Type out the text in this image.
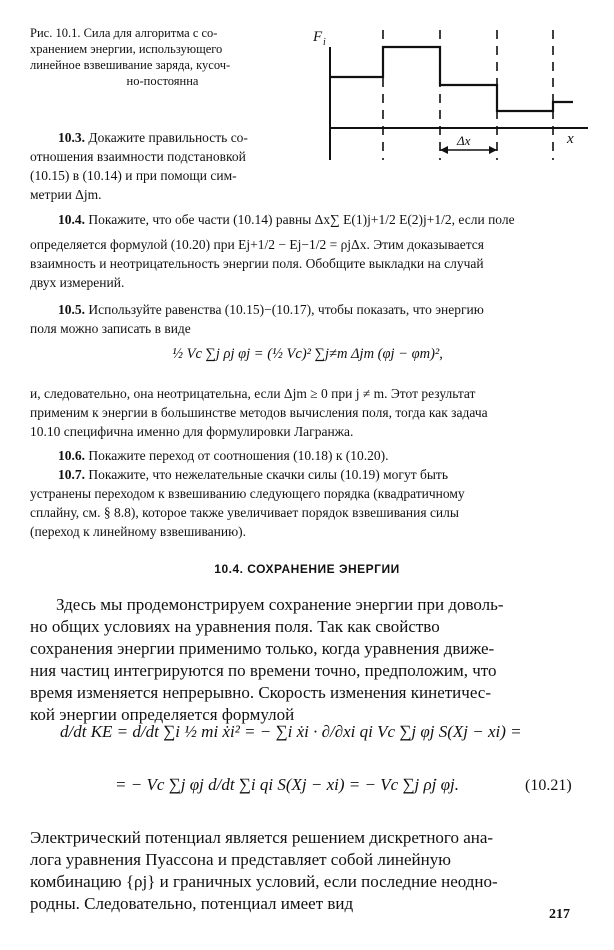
Рис. 10.1. Сила для алгоритма с со-
хранением энергии, использующего
линейное взвешивание заряда, кусоч-
но-постоянна
F i
x
Δx
10.3. Докажите правильность со-
отношения взаимности подстановкой
(10.15) в (10.14) и при помощи сим-
метрии Δjm.
10.4. Покажите, что обе части (10.14) равны Δx∑ E(1)j+1/2 E(2)j+1/2, если поле
определяется формулой (10.20) при Ej+1/2 − Ej−1/2 = ρjΔx. Этим доказывается
взаимность и неотрицательность энергии поля. Обобщите выкладки на случай
двух измерений.
10.5. Используйте равенства (10.15)−(10.17), чтобы показать, что энергию
поля можно записать в виде
½ Vc ∑j ρj φj = (½ Vc)² ∑j≠m Δjm (φj − φm)²,
и, следовательно, она неотрицательна, если Δjm ≥ 0 при j ≠ m. Этот результат
применим к энергии в большинстве методов вычисления поля, тогда как задача
10.10 специфична именно для формулировки Лагранжа.
10.6. Покажите переход от соотношения (10.18) к (10.20).
10.7. Покажите, что нежелательные скачки силы (10.19) могут быть
устранены переходом к взвешиванию следующего порядка (квадратичному
сплайну, см. § 8.8), которое также увеличивает порядок взвешивания силы
(переход к линейному взвешиванию).
10.4. СОХРАНЕНИЕ ЭНЕРГИИ
Здесь мы продемонстрируем сохранение энергии при доволь-
но общих условиях на уравнения поля. Так как свойство
сохранения энергии применимо только, когда уравнения движе-
ния частиц интегрируются по времени точно, предположим, что
время изменяется непрерывно. Скорость изменения кинетичес-
кой энергии определяется формулой
d/dt KE = d/dt ∑i ½ mi ẋi² = − ∑i ẋi · ∂/∂xi qi Vc ∑j φj S(Xj − xi) =
= − Vc ∑j φj d/dt ∑i qi S(Xj − xi) = − Vc ∑j ρ̇j φj.	(10.21)
Электрический потенциал является решением дискретного ана-
лога уравнения Пуассона и представляет собой линейную
комбинацию {ρj} и граничных условий, если последние неодно-
родны. Следовательно, потенциал имеет вид
217
